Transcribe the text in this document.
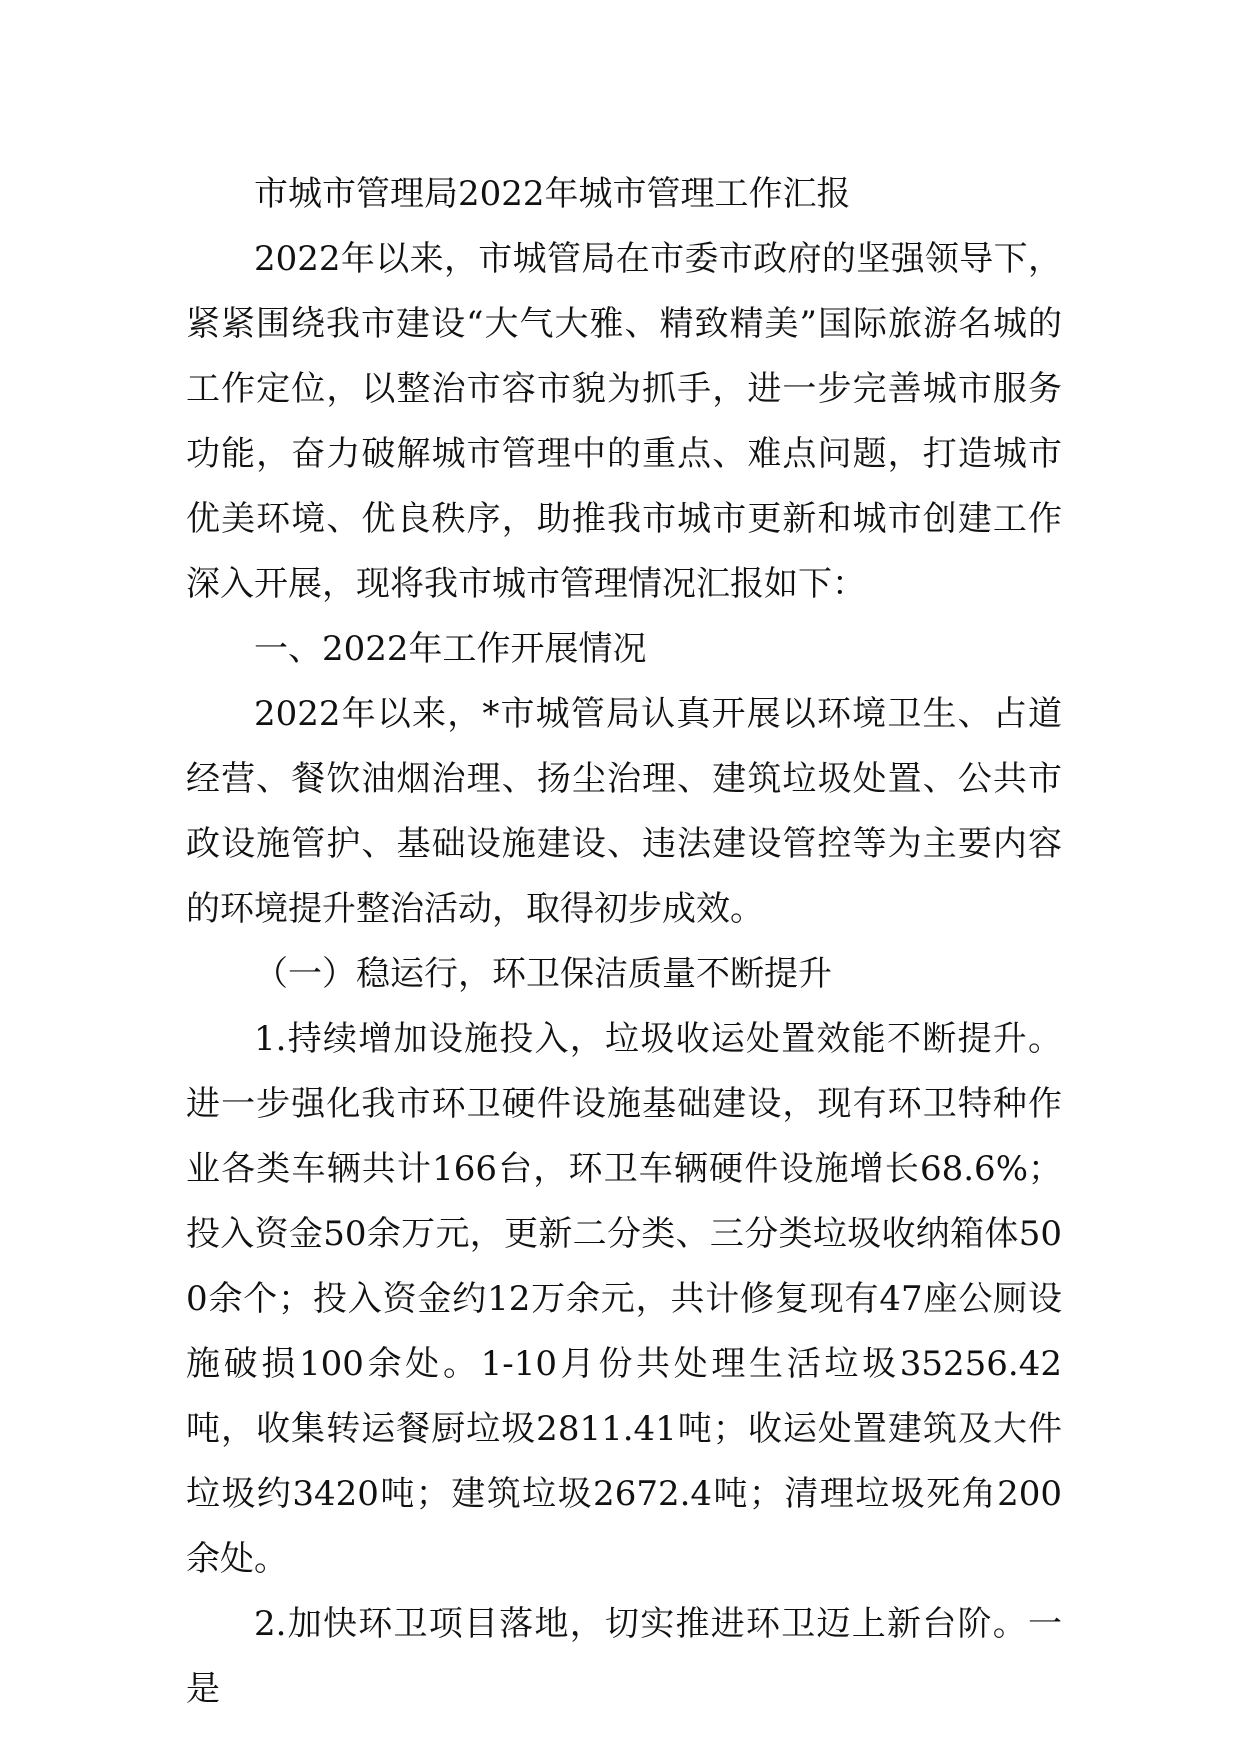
市城市管理局2022年城市管理工作汇报

2022年以来，市城管局在市委市政府的坚强领导下，紧紧围绕我市建设“大气大雅、精致精美”国际旅游名城的工作定位，以整治市容市貌为抓手，进一步完善城市服务功能，奋力破解城市管理中的重点、难点问题，打造城市优美环境、优良秩序，助推我市城市更新和城市创建工作深入开展，现将我市城市管理情况汇报如下：

一、2022年工作开展情况

2022年以来，*市城管局认真开展以环境卫生、占道经营、餐饮油烟治理、扬尘治理、建筑垃圾处置、公共市政设施管护、基础设施建设、违法建设管控等为主要内容的环境提升整治活动，取得初步成效。

（一）稳运行，环卫保洁质量不断提升

1.持续增加设施投入，垃圾收运处置效能不断提升。进一步强化我市环卫硬件设施基础建设，现有环卫特种作业各类车辆共计166台，环卫车辆硬件设施增长68.6%；投入资金50余万元，更新二分类、三分类垃圾收纳箱体500余个；投入资金约12万余元，共计修复现有47座公厕设施破损100余处。1-10月份共处理生活垃圾35256.42吨，收集转运餐厨垃圾2811.41吨；收运处置建筑及大件垃圾约3420吨；建筑垃圾2672.4吨；清理垃圾死角200余处。

2.加快环卫项目落地，切实推进环卫迈上新台阶。一是
